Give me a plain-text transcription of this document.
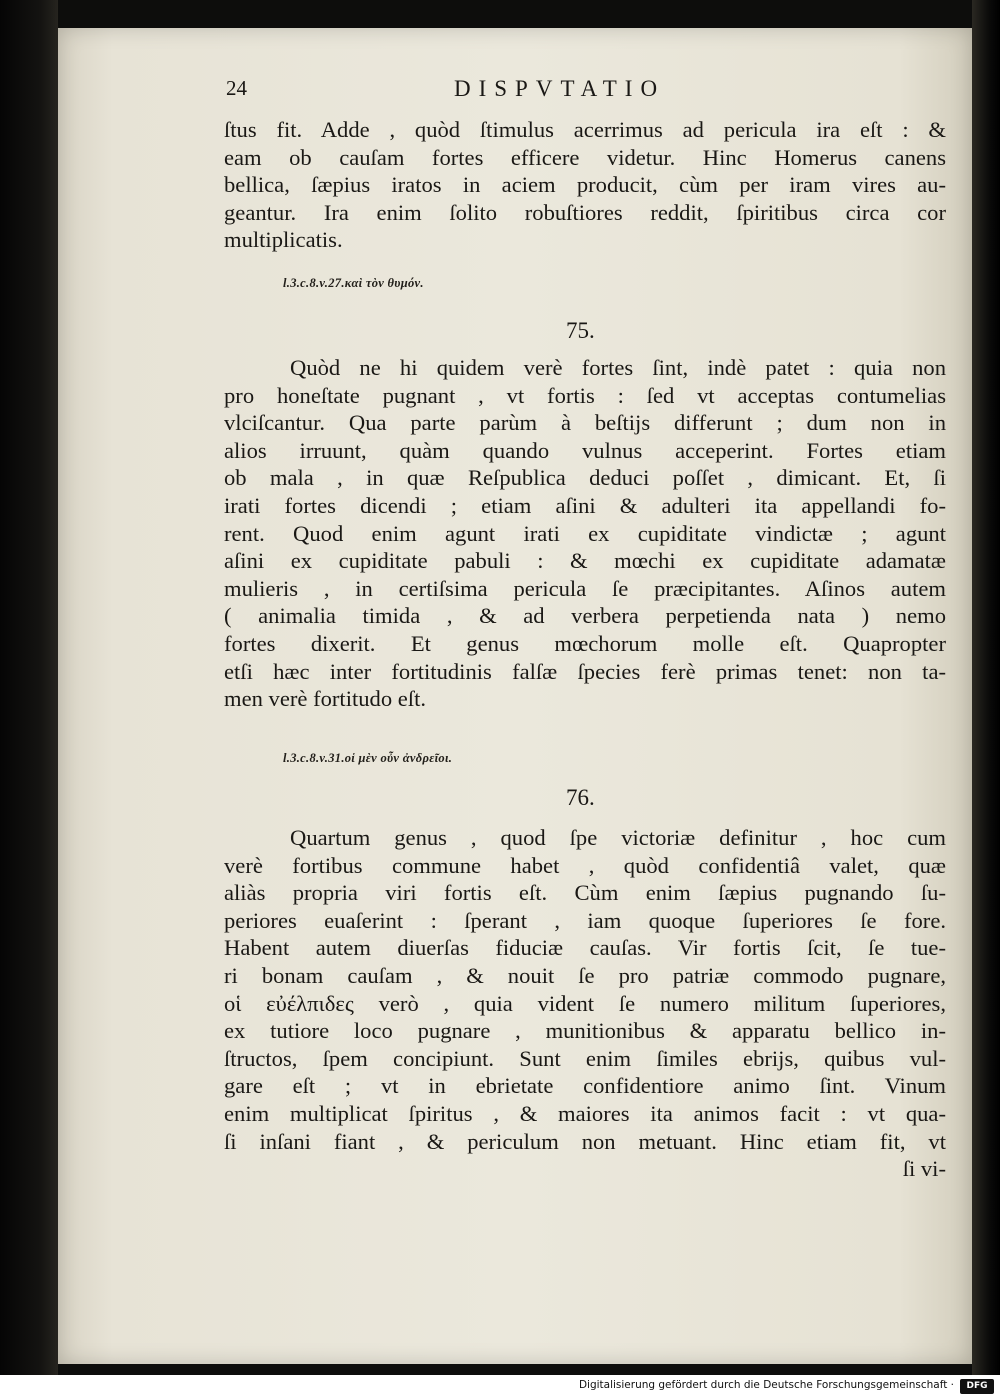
24	DISPVTATIO
ſtus fit. Adde , quòd ſtimulus acerrimus ad pericula ira eſt : &
eam ob cauſam fortes efficere videtur. Hinc Homerus canens
bellica, ſæpius iratos in aciem producit, cùm per iram vires au-
geantur. Ira enim ſolito robuſtiores reddit, ſpiritibus circa cor
multiplicatis.
l.3.c.8.v.27.καὶ τὸν θυμόν.
75.
Quòd ne hi quidem verè fortes ſint, indè patet : quia non
pro honeſtate pugnant , vt fortis : ſed vt acceptas contumelias
vlciſcantur. Qua parte parùm à beſtijs differunt ; dum non in
alios irruunt, quàm quando vulnus acceperint. Fortes etiam
ob mala , in quæ Reſpublica deduci poſſet , dimicant. Et, ſi
irati fortes dicendi ; etiam aſini & adulteri ita appellandi fo-
rent. Quod enim agunt irati ex cupiditate vindictæ ; agunt
aſini ex cupiditate pabuli : & mœchi ex cupiditate adamatæ
mulieris , in certiſsima pericula ſe præcipitantes. Aſinos autem
( animalia timida , & ad verbera perpetienda nata ) nemo
fortes dixerit. Et genus mœchorum molle eſt. Quapropter
etſi hæc inter fortitudinis falſæ ſpecies ferè primas tenet: non ta-
men verè fortitudo eſt.
l.3.c.8.v.31.οἱ μὲν οὖν ἀνδρεῖοι.
76.
Quartum genus , quod ſpe victoriæ definitur , hoc cum
verè fortibus commune habet , quòd confidentiâ valet, quæ
aliàs propria viri fortis eſt. Cùm enim ſæpius pugnando ſu-
periores euaſerint : ſperant , iam quoque ſuperiores ſe fore.
Habent autem diuerſas fiduciæ cauſas. Vir fortis ſcit, ſe tue-
ri bonam cauſam , & nouit ſe pro patriæ commodo pugnare,
οἱ εὐέλπιδες verò , quia vident ſe numero militum ſuperiores,
ex tutiore loco pugnare , munitionibus & apparatu bellico in-
ſtructos, ſpem concipiunt. Sunt enim ſimiles ebrijs, quibus vul-
gare eſt ; vt in ebrietate confidentiore animo ſint. Vinum
enim multiplicat ſpiritus , & maiores ita animos facit : vt qua-
ſi inſani fiant , & periculum non metuant. Hinc etiam fit, vt
ſi vi-
Digitalisierung gefördert durch die Deutsche Forschungsgemeinschaft ·	DFG
